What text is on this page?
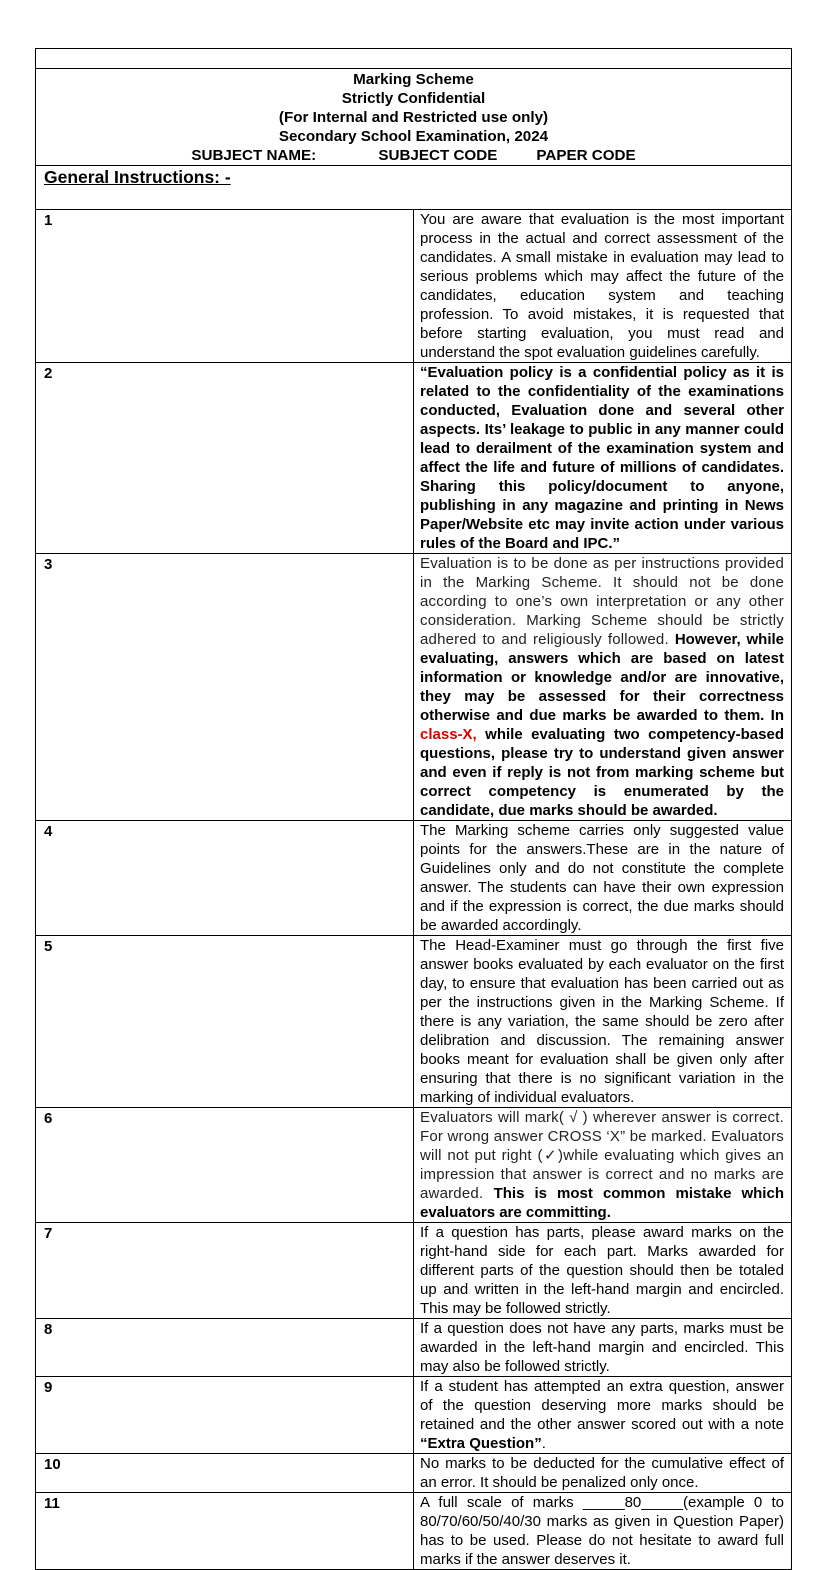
Marking Scheme
Strictly Confidential
(For Internal and Restricted use only)
Secondary School Examination, 2024
SUBJECT NAME: SUBJECT CODE PAPER CODE	

General Instructions: -	
1	You are aware that evaluation is the most important process in the actual and correct assessment of the candidates. A small mistake in evaluation may lead to serious problems which may affect the future of the candidates, education system and teaching profession. To avoid mistakes, it is requested that before starting evaluation, you must read and understand the spot evaluation guidelines carefully.
2	“Evaluation policy is a confidential policy as it is related to the confidentiality of the examinations conducted, Evaluation done and several other aspects. Its’ leakage to public in any manner could lead to derailment of the examination system and affect the life and future of millions of candidates. Sharing this policy/document to anyone, publishing in any magazine and printing in News Paper/Website etc may invite action under various rules of the Board and IPC.”
3	Evaluation is to be done as per instructions provided in the Marking Scheme. It should not be done according to one’s own interpretation or any other consideration. Marking Scheme should be strictly adhered to and religiously followed. However, while evaluating, answers which are based on latest information or knowledge and/or are innovative, they may be assessed for their correctness otherwise and due marks be awarded to them. In class-X, while evaluating two competency-based questions, please try to understand given answer and even if reply is not from marking scheme but correct competency is enumerated by the candidate, due marks should be awarded.
4	The Marking scheme carries only suggested value points for the answers.These are in the nature of Guidelines only and do not constitute the complete answer. The students can have their own expression and if the expression is correct, the due marks should be awarded accordingly.
5	The Head-Examiner must go through the first five answer books evaluated by each evaluator on the first day, to ensure that evaluation has been carried out as per the instructions given in the Marking Scheme. If there is any variation, the same should be zero after delibration and discussion. The remaining answer books meant for evaluation shall be given only after ensuring that there is no significant variation in the marking of individual evaluators.
6	Evaluators will mark( √ ) wherever answer is correct. For wrong answer CROSS ‘X” be marked. Evaluators will not put right (✓)while evaluating which gives an impression that answer is correct and no marks are awarded. This is most common mistake which evaluators are committing.
7	If a question has parts, please award marks on the right-hand side for each part. Marks awarded for different parts of the question should then be totaled up and written in the left-hand margin and encircled. This may be followed strictly.
8	If a question does not have any parts, marks must be awarded in the left-hand margin and encircled. This may also be followed strictly.
9	If a student has attempted an extra question, answer of the question deserving more marks should be retained and the other answer scored out with a note “Extra Question”.
10	No marks to be deducted for the cumulative effect of an error. It should be penalized only once.
11	A full scale of marks _____80_____(example 0 to 80/70/60/50/40/30 marks as given in Question Paper) has to be used. Please do not hesitate to award full marks if the answer deserves it.
